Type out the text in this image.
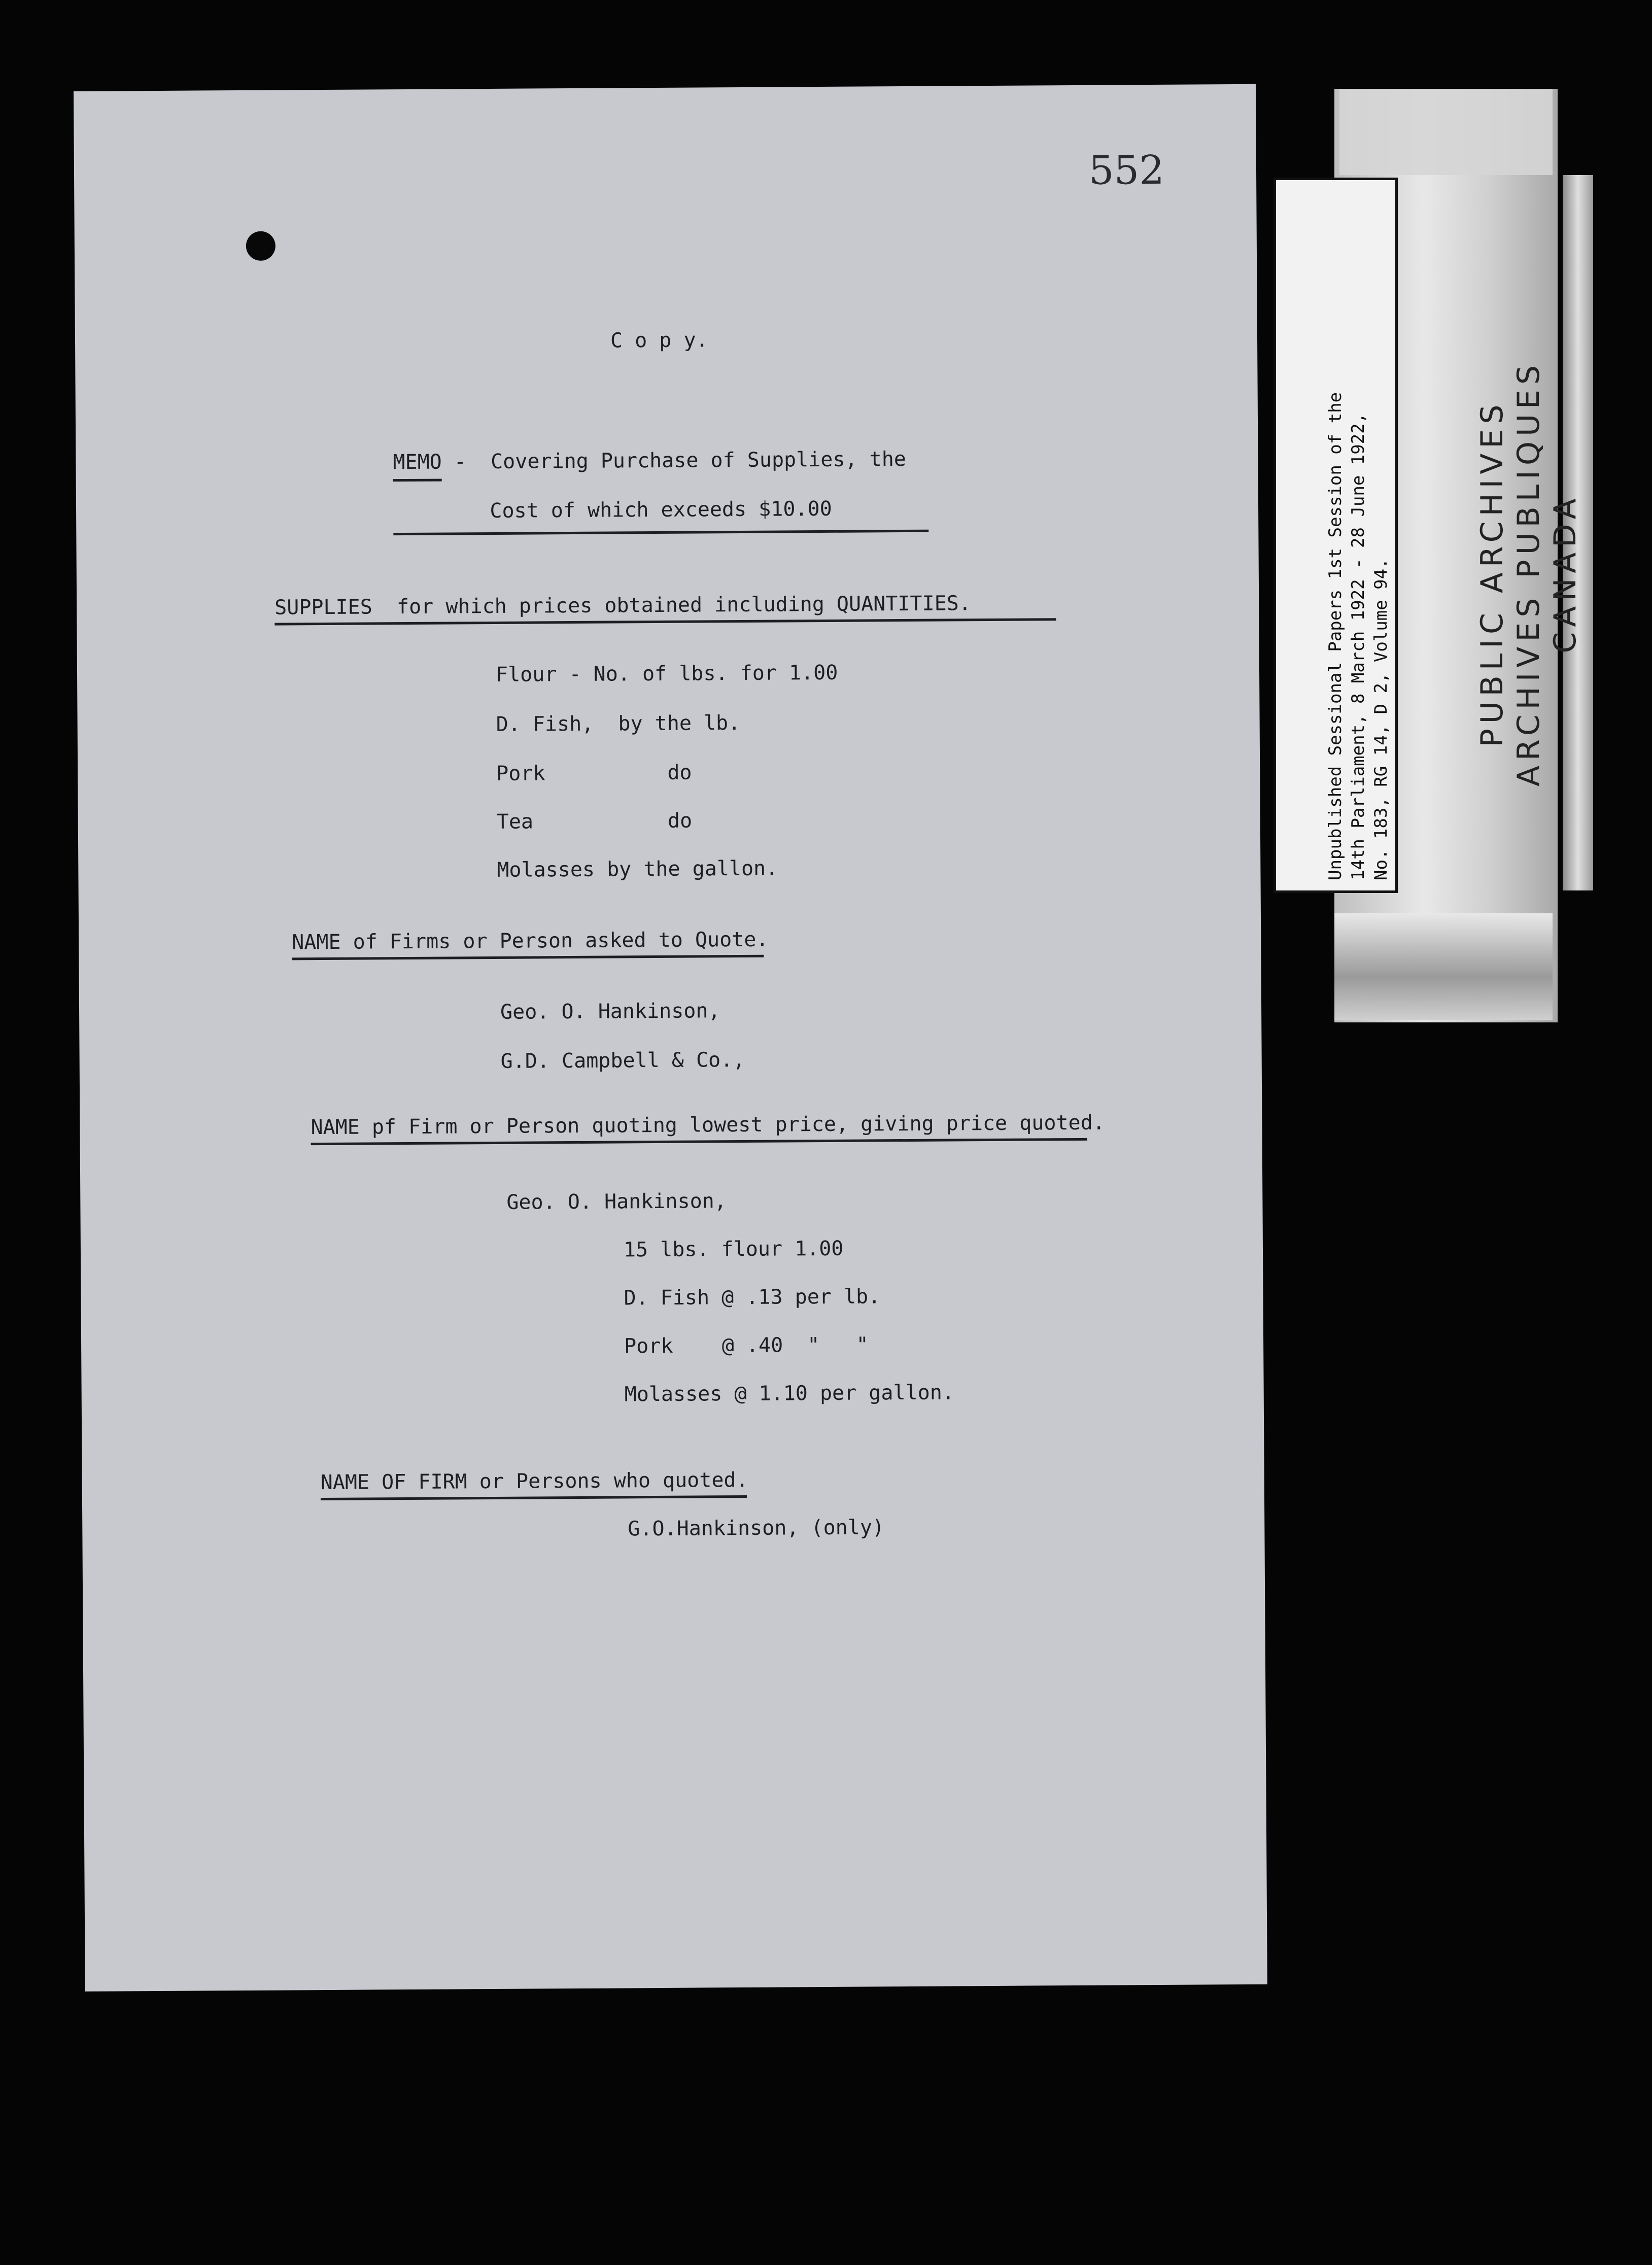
Unpublished Sessional Papers 1st Session of the 14th Parliament, 8 March 1922 - 28 June 1922, No. 183, RG 14, D 2, Volume 94.	PUBLIC ARCHIVES ARCHIVES PUBLIQUES CANADA
552
C o p y.
MEMO -  Covering Purchase of Supplies, the
Cost of which exceeds $10.00
SUPPLIES  for which prices obtained including QUANTITIES.
Flour - No. of lbs. for 1.00
D. Fish,  by the lb.
Pork          do
Tea           do
Molasses by the gallon.
NAME of Firms or Person asked to Quote.
Geo. O. Hankinson,
G.D. Campbell & Co.,
NAME pf Firm or Person quoting lowest price, giving price quoted.
Geo. O. Hankinson,
15 lbs. flour 1.00
D. Fish @ .13 per lb.
Pork    @ .40  "   "
Molasses @ 1.10 per gallon.
NAME OF FIRM or Persons who quoted.
G.O.Hankinson, (only)
